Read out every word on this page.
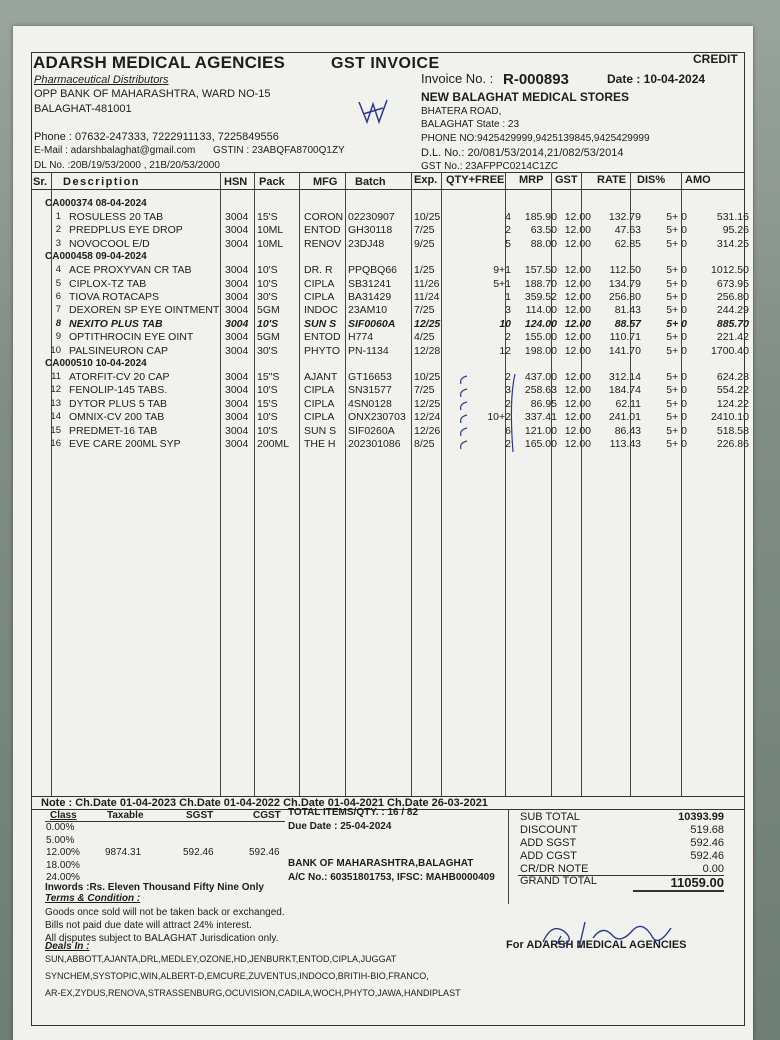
ADARSH MEDICAL AGENCIES
Pharmaceutical Distributors
OPP BANK OF MAHARASHTRA, WARD NO-15
BALAGHAT-481001
Phone : 07632-247333, 7222911133, 7225849556
E-Mail : adarshbalaghat@gmail.com GSTIN : 23ABQFA8700Q1ZY
DL No. :20B/19/53/2000 , 21B/20/53/2000
GST INVOICE	CREDIT
Invoice No. : R-000893	Date : 10-04-2024
NEW BALAGHAT MEDICAL STORES
BHATERA ROAD,
BALAGHAT State : 23
PHONE NO:9425429999,9425139845,9425429999
D.L. No.: 20/081/53/2014,21/082/53/2014
GST No.: 23AFPPC0214C1ZC
Sr. Description	HSN Pack	MFG Batch	Exp. QTY+FREE MRP GST RATE DIS% AMO
CA000374 08-04-2024
1 ROSULESS 20 TAB	3004 15'S	CORON 02230907	10/25	4	185.90 12.00	132.79	5+ 0	531.16
2 PREDPLUS EYE DROP	3004 10ML	ENTOD GH30118	7/25	2	63.50 12.00	47.63	5+ 0	95.26
3 NOVOCOOL E/D	3004 10ML	RENOV 23DJ48	9/25	5	88.00 12.00	62.85	5+ 0	314.25
CA000458 09-04-2024
4 ACE PROXYVAN CR TAB	3004 10'S	DR. R	PPQBQ66	1/25	9+1	157.50 12.00	112.50	5+ 0	1012.50
5 CIPLOX-TZ TAB	3004 10'S	CIPLA	SB31241	11/26	5+1	188.70 12.00	134.79	5+ 0	673.95
6 TIOVA ROTACAPS	3004 30'S	CIPLA	BA31429	11/24	1	359.52 12.00	256.80	5+ 0	256.80
7 DEXOREN SP EYE OINTMENT 3004 5GM	INDOC 23AM10	7/25	3	114.00 12.00	81.43	5+ 0	244.29
8 NEXITO PLUS TAB	3004 10'S	SUN S	SIF0060A	12/25	10	124.00 12.00	88.57	5+ 0	885.70
9 OPTITHROCIN EYE OINT	3004 5GM	ENTOD H774	4/25	2	155.00 12.00	110.71	5+ 0	221.42
10 PALSINEURON CAP	3004 30'S	PHYTO PN-1134	12/28	12	198.00 12.00	141.70	5+ 0	1700.40
CA000510 10-04-2024
11 ATORFIT-CV 20 CAP	3004 15"S	AJANT	GT16653	10/25	2	437.00 12.00	312.14	5+ 0	624.28
12 FENOLIP-145 TABS.	3004 10'S	CIPLA	SN31577	7/25	3	258.63 12.00	184.74	5+ 0	554.22
13 DYTOR PLUS 5 TAB	3004 15'S	CIPLA	4SN0128	12/25	2	86.95 12.00	62.11	5+ 0	124.22
14 OMNIX-CV 200 TAB	3004 10'S	CIPLA	ONX230703 12/24	10+2	337.41 12.00	241.01	5+ 0	2410.10
15 PREDMET-16 TAB	3004 10'S	SUN S	SIF0260A	12/26	6	121.00 12.00	86.43	5+ 0	518.58
16 EVE CARE 200ML SYP	3004 200ML	THE H	202301086	8/25	2	165.00 12.00	113.43	5+ 0	226.86
Note : Ch.Date 01-04-2023 Ch.Date 01-04-2022 Ch.Date 01-04-2021 Ch.Date 26-03-2021
Class	Taxable	SGST	CGST
0.00%
5.00%
12.00%	9874.31	592.46	592.46
18.00%
24.00%
TOTAL ITEMS/QTY. : 16 / 82
Due Date : 25-04-2024
BANK OF MAHARASHTRA,BALAGHAT
A/C No.: 60351801753, IFSC: MAHB0000409
Inwords :Rs. Eleven Thousand Fifty Nine Only
SUB TOTAL	10393.99
DISCOUNT	519.68
ADD SGST	592.46
ADD CGST	592.46
CR/DR NOTE	0.00
GRAND TOTAL	11059.00
Terms & Condition :
Goods once sold will not be taken back or exchanged.
Bills not paid due date will attract 24% interest.
All disputes subject to BALAGHAT Jurisdication only.
Deals In :
SUN,ABBOTT,AJANTA,DRL,MEDLEY,OZONE,HD,JENBURKT,ENTOD,CIPLA,JUGGAT
SYNCHEM,SYSTOPIC,WIN,ALBERT-D,EMCURE,ZUVENTUS,INDOCO,BRITIH-BIO,FRANCO,
AR-EX,ZYDUS,RENOVA,STRASSENBURG,OCUVISION,CADILA,WOCH,PHYTO,JAWA,HANDIPLAST
For ADARSH MEDICAL AGENCIES
